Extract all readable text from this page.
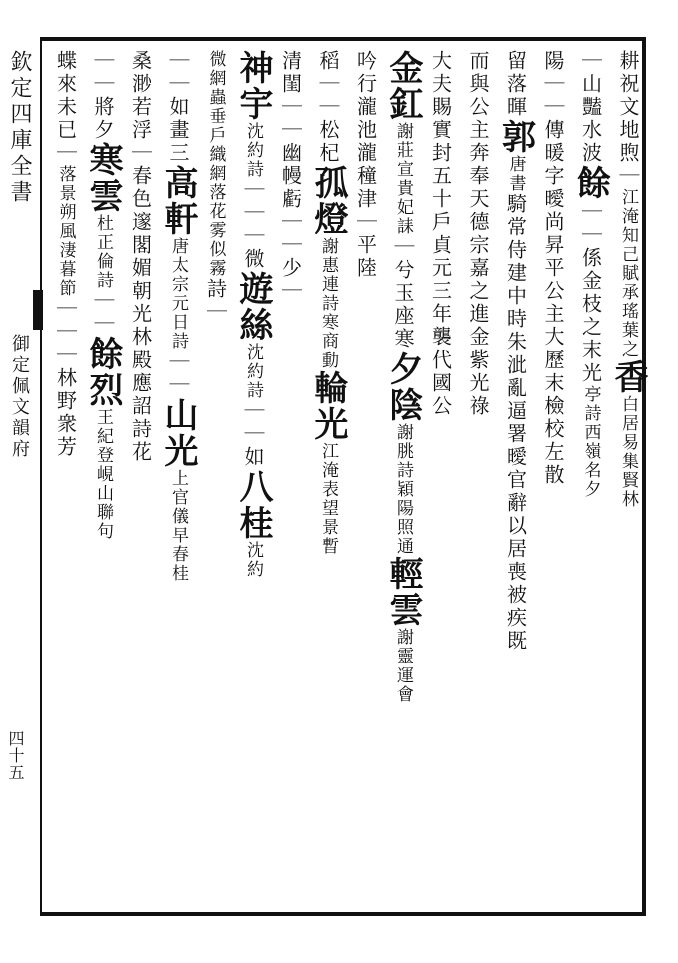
欽定四庫全書
御定佩文韻府
四十五
耕祝文地煦｜江淹知己賦承瑤葉之香白居易集賢林
｜山豔水波餘｜｜係金枝之末光亭詩西嶺名夕
陽｜｜傳暖字曖尚昇平公主大歷末檢校左散
留落暉郭唐書騎常侍建中時朱泚亂逼署曖官辭以居喪被疾既
而與公主奔奉天德宗嘉之進金紫光祿
大夫賜實封五十戶貞元三年襲代國公
金釭謝莊宣貴妃誄｜兮玉座寒夕陰謝朓詩穎陽照通輕雲謝靈運會
吟行瀧池瀧穜津｜平陸
稻｜｜松杞孤燈謝惠連詩寒商動輪光江淹表望景暫
清閨｜｜幽幔虧｜｜少｜
神宇沈約詩｜｜｜微遊絲沈約詩｜｜如八桂沈約
微網蟲垂戶織網落花雾似霧詩｜
｜｜如畫三高軒唐太宗元日詩｜｜山光上官儀早春桂
桑渺若浮｜春色邃閣媚朝光林殿應詔詩花
｜｜將夕寒雲杜正倫詩｜｜餘烈王紀登峴山聯句
蝶來未已｜落景朔風淒暮節｜｜｜林野衆芳
